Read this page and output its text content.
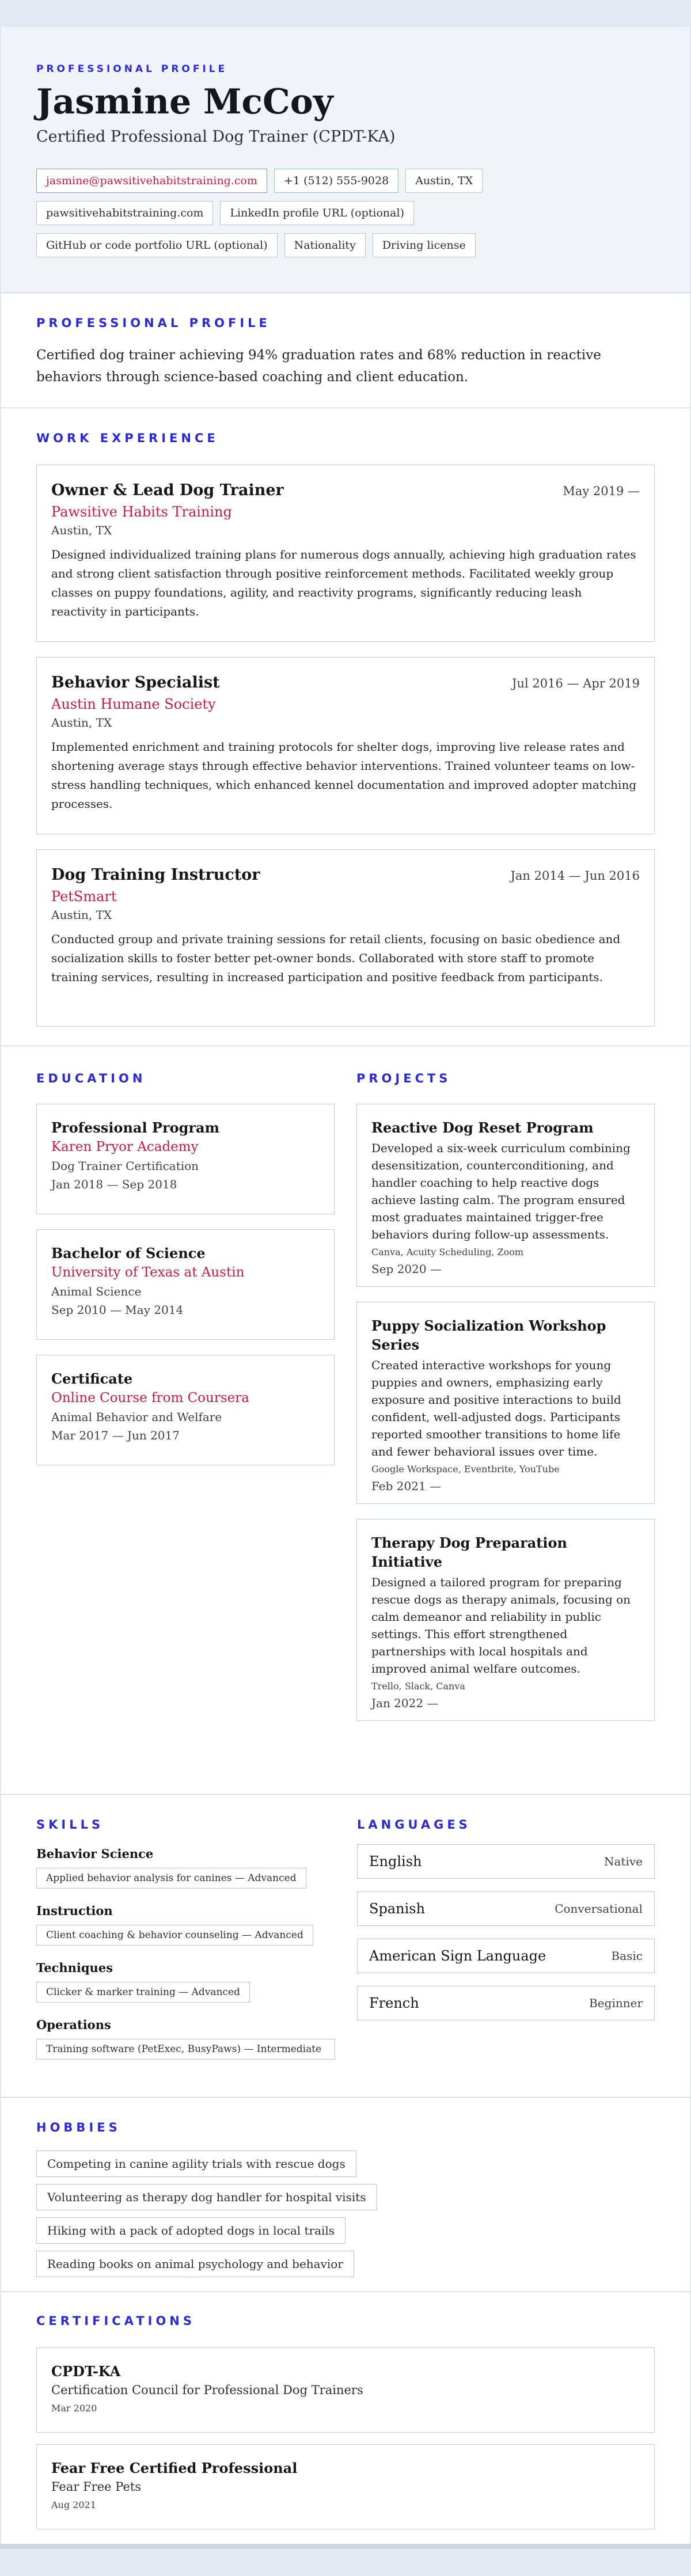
PROFESSIONAL PROFILE
Jasmine McCoy
Certified Professional Dog Trainer (CPDT-KA)
jasmine@pawsitivehabitstraining.com	+1 (512) 555-9028	Austin, TX
pawsitivehabitstraining.com	LinkedIn profile URL (optional)
GitHub or code portfolio URL (optional)	Nationality	Driving license
PROFESSIONAL PROFILE

Certified dog trainer achieving 94% graduation rates and 68% reduction in reactive behaviors through science-based coaching and client education.

WORK EXPERIENCE
Owner & Lead Dog Trainer	May 2019 —
Pawsitive Habits Training
Austin, TX
Designed individualized training plans for numerous dogs annually, achieving high graduation rates and strong client satisfaction through positive reinforcement methods. Facilitated weekly group classes on puppy foundations, agility, and reactivity programs, significantly reducing leash reactivity in participants.
Behavior Specialist	Jul 2016 — Apr 2019
Austin Humane Society
Austin, TX
Implemented enrichment and training protocols for shelter dogs, improving live release rates and shortening average stays through effective behavior interventions. Trained volunteer teams on low-stress handling techniques, which enhanced kennel documentation and improved adopter matching processes.
Dog Training Instructor	Jan 2014 — Jun 2016
PetSmart
Austin, TX
Conducted group and private training sessions for retail clients, focusing on basic obedience and socialization skills to foster better pet-owner bonds. Collaborated with store staff to promote training services, resulting in increased participation and positive feedback from participants.
EDUCATION
Professional Program
Karen Pryor Academy
Dog Trainer Certification
Jan 2018 — Sep 2018
Bachelor of Science
University of Texas at Austin
Animal Science
Sep 2010 — May 2014
Certificate
Online Course from Coursera
Animal Behavior and Welfare
Mar 2017 — Jun 2017
PROJECTS
Reactive Dog Reset Program
Developed a six-week curriculum combining desensitization, counterconditioning, and handler coaching to help reactive dogs achieve lasting calm. The program ensured most graduates maintained trigger-free behaviors during follow-up assessments.
Canva, Acuity Scheduling, Zoom
Sep 2020 —
Puppy Socialization Workshop Series
Created interactive workshops for young puppies and owners, emphasizing early exposure and positive interactions to build confident, well-adjusted dogs. Participants reported smoother transitions to home life and fewer behavioral issues over time.
Google Workspace, Eventbrite, YouTube
Feb 2021 —
Therapy Dog Preparation Initiative
Designed a tailored program for preparing rescue dogs as therapy animals, focusing on calm demeanor and reliability in public settings. This effort strengthened partnerships with local hospitals and improved animal welfare outcomes.
Trello, Slack, Canva
Jan 2022 —
SKILLS
Behavior Science
Applied behavior analysis for canines — Advanced
Instruction
Client coaching & behavior counseling — Advanced
Techniques
Clicker & marker training — Advanced
Operations
Training software (PetExec, BusyPaws) — Intermediate
LANGUAGES
English	Native
Spanish	Conversational
American Sign Language	Basic
French	Beginner
HOBBIES
Competing in canine agility trials with rescue dogs
Volunteering as therapy dog handler for hospital visits
Hiking with a pack of adopted dogs in local trails
Reading books on animal psychology and behavior
CERTIFICATIONS
CPDT-KA
Certification Council for Professional Dog Trainers
Mar 2020
Fear Free Certified Professional
Fear Free Pets
Aug 2021
